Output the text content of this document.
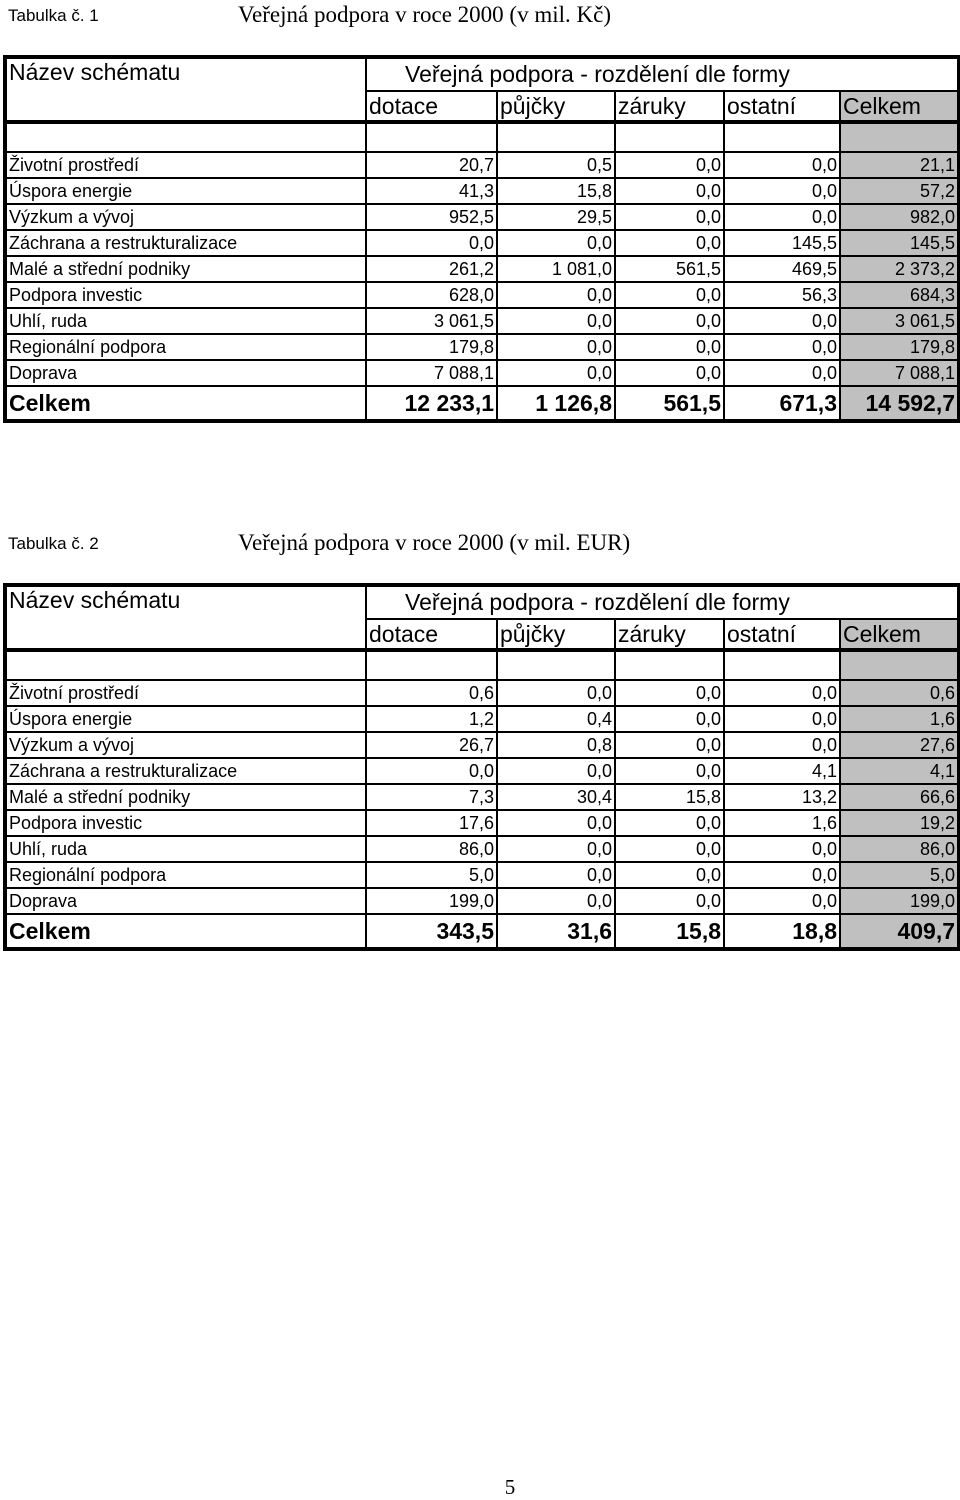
Tabulka č. 1	Veřejná podpora v roce 2000 (v mil. Kč)
Název schématu	Veřejná podpora - rozdělení dle formy				
	dotace	půjčky	záruky	ostatní	Celkem

Životní prostředí	20,7	0,5	0,0	0,0	21,1
Úspora energie	41,3	15,8	0,0	0,0	57,2
Výzkum a vývoj	952,5	29,5	0,0	0,0	982,0
Záchrana a restrukturalizace	0,0	0,0	0,0	145,5	145,5
Malé a střední podniky	261,2	1 081,0	561,5	469,5	2 373,2
Podpora investic	628,0	0,0	0,0	56,3	684,3
Uhlí, ruda	3 061,5	0,0	0,0	0,0	3 061,5
Regionální podpora	179,8	0,0	0,0	0,0	179,8
Doprava	7 088,1	0,0	0,0	0,0	7 088,1
Celkem	12 233,1	1 126,8	561,5	671,3	14 592,7
Tabulka č. 2	Veřejná podpora v roce 2000 (v mil. EUR)
Název schématu	Veřejná podpora - rozdělení dle formy				
	dotace	půjčky	záruky	ostatní	Celkem

Životní prostředí	0,6	0,0	0,0	0,0	0,6
Úspora energie	1,2	0,4	0,0	0,0	1,6
Výzkum a vývoj	26,7	0,8	0,0	0,0	27,6
Záchrana a restrukturalizace	0,0	0,0	0,0	4,1	4,1
Malé a střední podniky	7,3	30,4	15,8	13,2	66,6
Podpora investic	17,6	0,0	0,0	1,6	19,2
Uhlí, ruda	86,0	0,0	0,0	0,0	86,0
Regionální podpora	5,0	0,0	0,0	0,0	5,0
Doprava	199,0	0,0	0,0	0,0	199,0
Celkem	343,5	31,6	15,8	18,8	409,7
5
